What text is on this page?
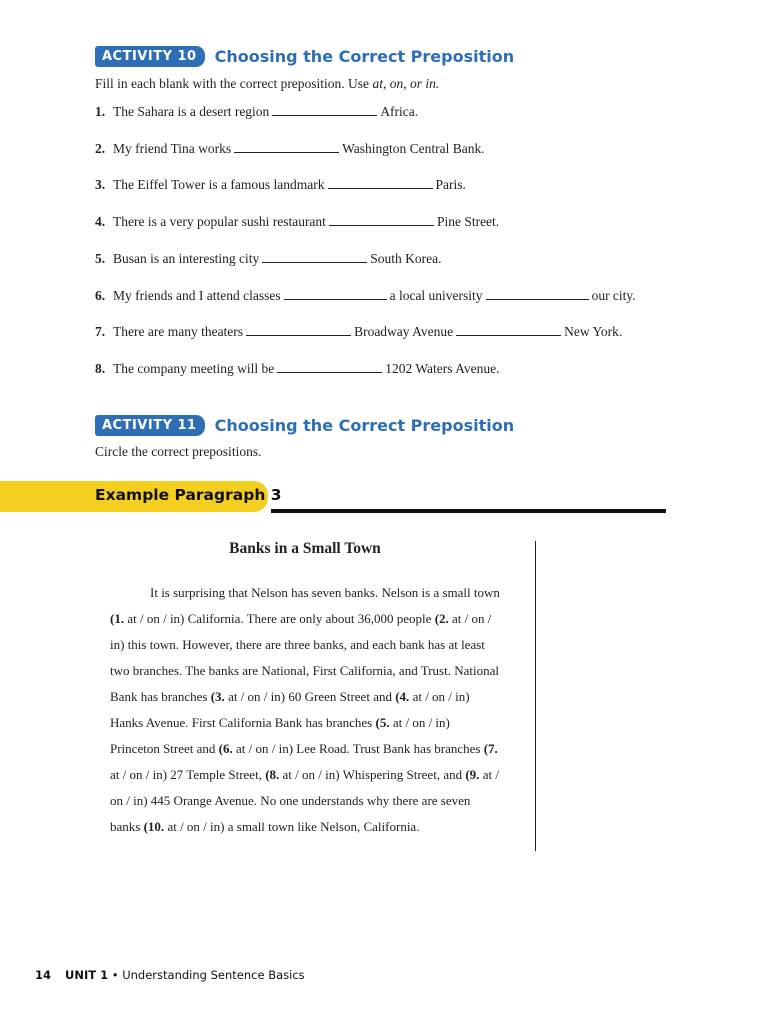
ACTIVITY 10	Choosing the Correct Preposition
Fill in each blank with the correct preposition. Use at, on, or in.
1. The Sahara is a desert region	Africa.
2. My friend Tina works	Washington Central Bank.
3. The Eiffel Tower is a famous landmark	Paris.
4. There is a very popular sushi restaurant	Pine Street.
5. Busan is an interesting city	South Korea.
6. My friends and I attend classes	a local university	our city.
7. There are many theaters	Broadway Avenue	New York.
8. The company meeting will be	1202 Waters Avenue.
ACTIVITY 11	Choosing the Correct Preposition
Circle the correct prepositions.
Example Paragraph 3
Banks in a Small Town

It is surprising that Nelson has seven banks. Nelson is a small town (1. at / on / in) California. There are only about 36,000 people (2. at / on / in) this town. However, there are three banks, and each bank has at least two branches. The banks are National, First California, and Trust. National Bank has branches (3. at / on / in) 60 Green Street and (4. at / on / in) Hanks Avenue. First California Bank has branches (5. at / on / in) Princeton Street and (6. at / on / in) Lee Road. Trust Bank has branches (7. at / on / in) 27 Temple Street, (8. at / on / in) Whispering Street, and (9. at / on / in) 445 Orange Avenue. No one understands why there are seven banks (10. at / on / in) a small town like Nelson, California.

14 UNIT 1 • Understanding Sentence Basics
